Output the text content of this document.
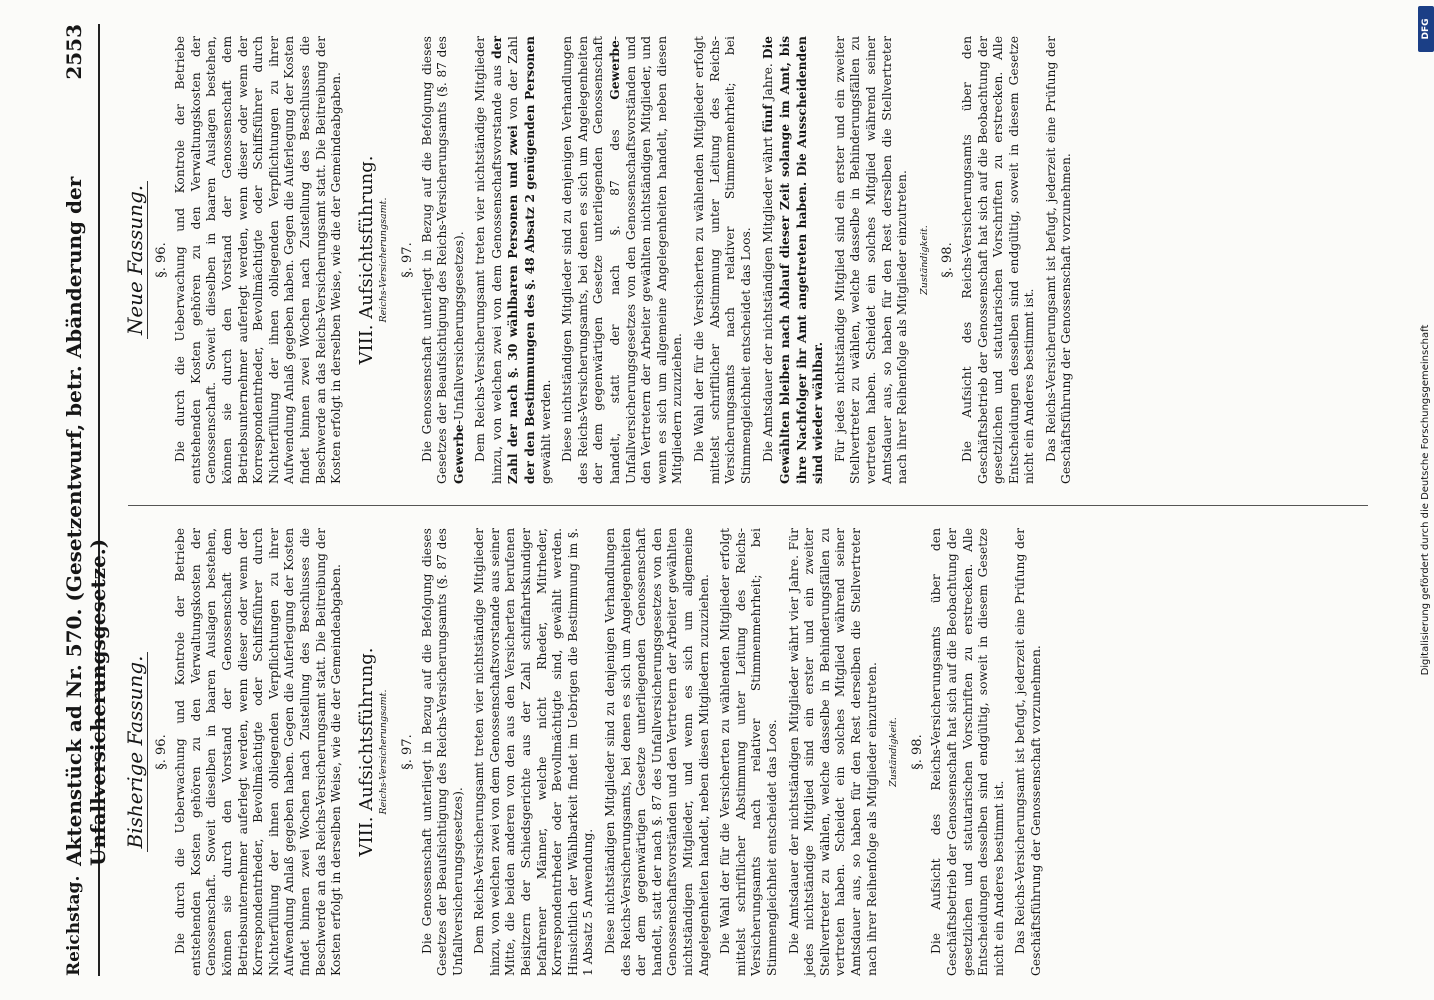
Reichstag.
Aktenstück ad Nr. 570. (Gesetzentwurf, betr. Abänderung der Unfallversicherungsgesetze.)
2553
Bisherige Fassung. §. 96. Die durch die Ueberwachung und Kontrole der Betriebe entstehenden Kosten gehören zu den Verwaltungskosten der Genossenschaft. Soweit dieselben in baaren Auslagen bestehen, können sie durch den Vorstand der Genossenschaft dem Betriebsunternehmer auferlegt werden, wenn dieser oder wenn der Korrespondentrheder, Bevollmächtigte oder Schiffsführer durch Nichterfüllung der ihnen obliegenden Verpflichtungen zu ihrer Aufwendung Anlaß gegeben haben. Gegen die Auferlegung der Kosten findet binnen zwei Wochen nach Zustellung des Beschlusses die Beschwerde an das Reichs-Versicherungsamt statt. Die Beitreibung der Kosten erfolgt in derselben Weise, wie die der Gemeindeabgaben. VIII. Aufsichtsführung. Reichs-Versicherungsamt. §. 97. Die Genossenschaft unterliegt in Bezug auf die Befolgung dieses Gesetzes der Beaufsichtigung des Reichs-Versicherungsamts (§. 87 des Unfallversicherungsgesetzes). Dem Reichs-Versicherungsamt treten vier nichtständige Mitglieder hinzu, von welchen zwei von dem Genossenschaftsvorstande aus seiner Mitte, die beiden anderen von den aus den Versicherten berufenen Beisitzern der Schiedsgerichte aus der Zahl schiffahrtskundiger befahrener Männer, welche nicht Rheder, Mitrheder, Korrespondentrheder oder Bevollmächtigte sind, gewählt werden. Hinsichtlich der Wählbarkeit findet im Uebrigen die Bestimmung im §. 1 Absatz 5 Anwendung. Diese nichtständigen Mitglieder sind zu denjenigen Verhandlungen des Reichs-Versicherungsamts, bei denen es sich um Angelegenheiten der dem gegenwärtigen Gesetze unterliegenden Genossenschaft handelt, statt der nach §. 87 des Unfallversicherungsgesetzes von den Genossenschaftsvorständen und den Vertretern der Arbeiter gewählten nichtständigen Mitglieder, und wenn es sich um allgemeine Angelegenheiten handelt, neben diesen Mitgliedern zuzuziehen. Die Wahl der für die Versicherten zu wählenden Mitglieder erfolgt mittelst schriftlicher Abstimmung unter Leitung des Reichs-Versicherungsamts nach relativer Stimmenmehrheit; bei Stimmengleichheit entscheidet das Loos. Die Amtsdauer der nichtständigen Mitglieder währt vier Jahre. Für jedes nichtständige Mitglied sind ein erster und ein zweiter Stellvertreter zu wählen, welche dasselbe in Behinderungsfällen zu vertreten haben. Scheidet ein solches Mitglied während seiner Amtsdauer aus, so haben für den Rest derselben die Stellvertreter nach ihrer Reihenfolge als Mitglieder einzutreten. Zuständigkeit. §. 98. Die Aufsicht des Reichs-Versicherungsamts über den Geschäftsbetrieb der Genossenschaft hat sich auf die Beobachtung der gesetzlichen und statutarischen Vorschriften zu erstrecken. Alle Entscheidungen desselben sind endgültig, soweit in diesem Gesetze nicht ein Anderes bestimmt ist. Das Reichs-Versicherungsamt ist befugt, jederzeit eine Prüfung der Geschäftsführung der Genossenschaft vorzunehmen.

Neue Fassung. §. 96. Die durch die Ueberwachung und Kontrole der Betriebe entstehenden Kosten gehören zu den Verwaltungskosten der Genossenschaft. Soweit dieselben in baaren Auslagen bestehen, können sie durch den Vorstand der Genossenschaft dem Betriebsunternehmer auferlegt werden, wenn dieser oder wenn der Korrespondentrheder, Bevollmächtigte oder Schiffsführer durch Nichterfüllung der ihnen obliegenden Verpflichtungen zu ihrer Aufwendung Anlaß gegeben haben. Gegen die Auferlegung der Kosten findet binnen zwei Wochen nach Zustellung des Beschlusses die Beschwerde an das Reichs-Versicherungsamt statt. Die Beitreibung der Kosten erfolgt in derselben Weise, wie die der Gemeindeabgaben. VIII. Aufsichtsführung. Reichs-Versicherungsamt. §. 97. Die Genossenschaft unterliegt in Bezug auf die Befolgung dieses Gesetzes der Beaufsichtigung des Reichs-Versicherungsamts (§. 87 des Gewerbe-Unfallversicherungsgesetzes). Dem Reichs-Versicherungsamt treten vier nichtständige Mitglieder hinzu, von welchen zwei von dem Genossenschaftsvorstande aus der Zahl der nach §. 30 wählbaren Personen und zwei von der Zahl der den Bestimmungen des §. 48 Absatz 2 genügenden Personen gewählt werden. Diese nichtständigen Mitglieder sind zu denjenigen Verhandlungen des Reichs-Versicherungsamts, bei denen es sich um Angelegenheiten der dem gegenwärtigen Gesetze unterliegenden Genossenschaft handelt, statt der nach §. 87 des Gewerbe-Unfallversicherungsgesetzes von den Genossenschaftsvorständen und den Vertretern der Arbeiter gewählten nichtständigen Mitglieder, und wenn es sich um allgemeine Angelegenheiten handelt, neben diesen Mitgliedern zuzuziehen. Die Wahl der für die Versicherten zu wählenden Mitglieder erfolgt mittelst schriftlicher Abstimmung unter Leitung des Reichs-Versicherungsamts nach relativer Stimmenmehrheit; bei Stimmengleichheit entscheidet das Loos. Die Amtsdauer der nichtständigen Mitglieder währt fünf Jahre. Die Gewählten bleiben nach Ablauf dieser Zeit solange im Amt, bis ihre Nachfolger ihr Amt angetreten haben. Die Ausscheidenden sind wieder wählbar. Für jedes nichtständige Mitglied sind ein erster und ein zweiter Stellvertreter zu wählen, welche dasselbe in Behinderungsfällen zu vertreten haben. Scheidet ein solches Mitglied während seiner Amtsdauer aus, so haben für den Rest derselben die Stellvertreter nach ihrer Reihenfolge als Mitglieder einzutreten. Zuständigkeit. §. 98. Die Aufsicht des Reichs-Versicherungsamts über den Geschäftsbetrieb der Genossenschaft hat sich auf die Beobachtung der gesetzlichen und statutarischen Vorschriften zu erstrecken. Alle Entscheidungen desselben sind endgültig, soweit in diesem Gesetze nicht ein Anderes bestimmt ist. Das Reichs-Versicherungsamt ist befugt, jederzeit eine Prüfung der Geschäftsführung der Genossenschaft vorzunehmen.

DFG
Digitalisierung gefördert durch die Deutsche Forschungsgemeinschaft
